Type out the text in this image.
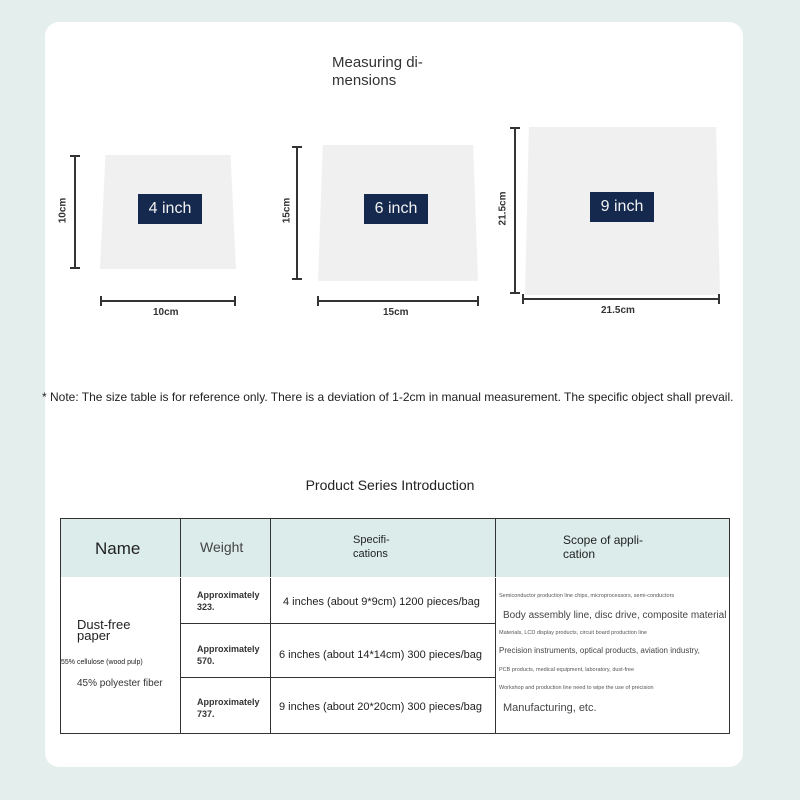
Measuring di-
mensions
4 inch
10cm
10cm
6 inch
15cm
15cm
9 inch
21.5cm
21.5cm
* Note: The size table is for reference only. There is a deviation of 1-2cm in manual measurement. The specific object shall prevail.
Product Series Introduction
Name	Weight	Specifi-
cations
Scope of appli-
cation
Dust-free
paper
55% cellulose (wood pulp)
45% polyester fiber
Approximately
323.
Approximately
570.
Approximately
737.
4 inches (about 9*9cm) 1200 pieces/bag
6 inches (about 14*14cm) 300 pieces/bag
9 inches (about 20*20cm) 300 pieces/bag
Semiconductor production line chips, microprocessors, semi-conductors
Body assembly line, disc drive, composite material
Materials, LCD display products, circuit board production line
Precision instruments, optical products, aviation industry,
PCB products, medical equipment, laboratory, dust-free
Workshop and production line need to wipe the use of precision
Manufacturing, etc.
